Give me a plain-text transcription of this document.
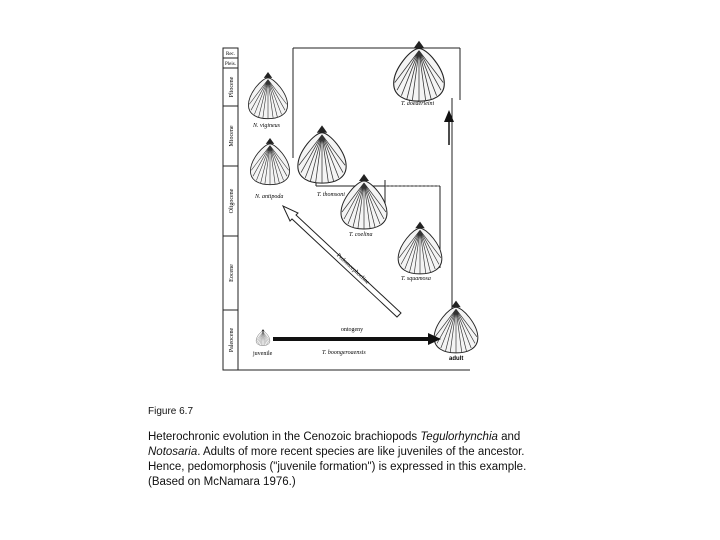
Rec.
Pleis.
Pliocene
Miocene
Oligocene
Eocene
Paleocene
N. vigineus
N. antipoda	T. thomsoni
T. coelina
T. squamosa
T. doederleini
T. boongeroaensis
juvenile
adult
Pedomorphocline
ontogeny
Figure 6.7
Heterochronic evolution in the Cenozoic brachiopods Tegulorhynchia and
Notosaria. Adults of more recent species are like juveniles of the ancestor.
Hence, pedomorphosis ("juvenile formation") is expressed in this example.
(Based on McNamara 1976.)
